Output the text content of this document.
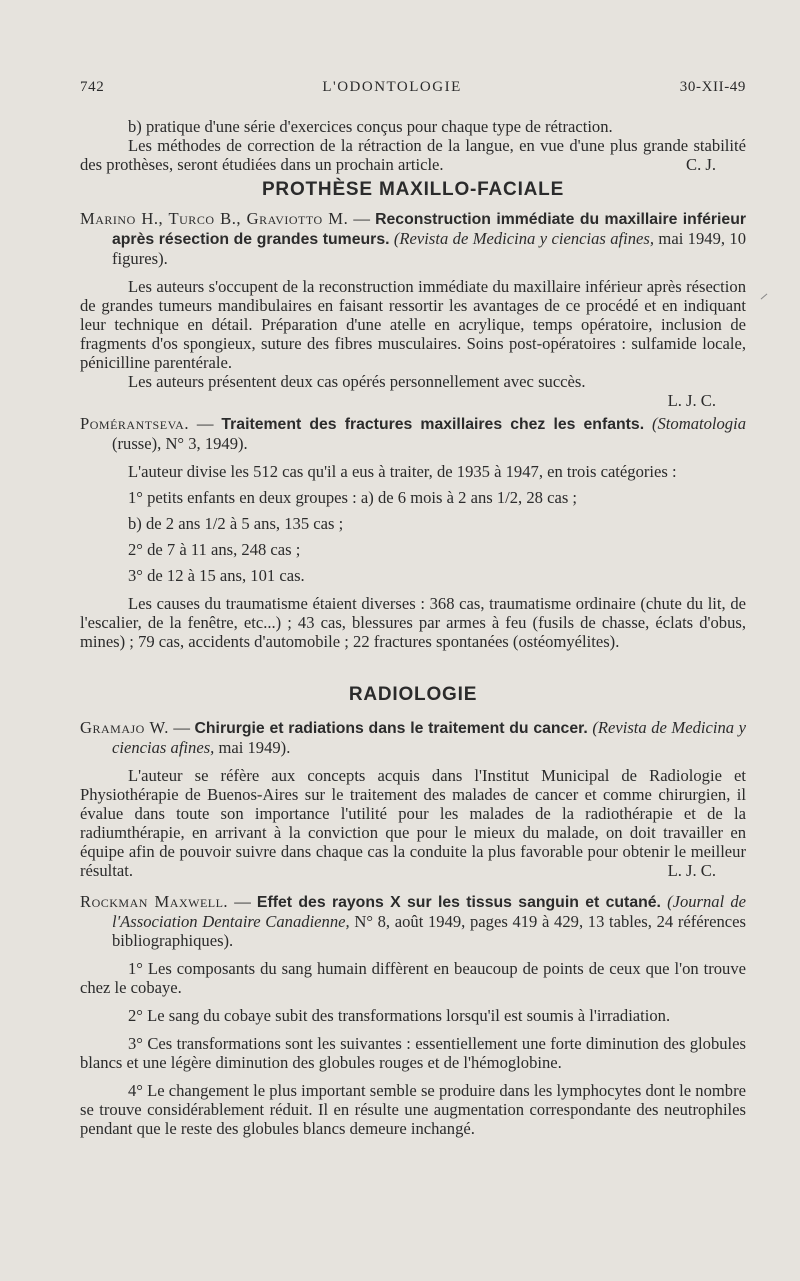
742	L'ODONTOLOGIE	30-XII-49

b) pratique d'une série d'exercices conçus pour chaque type de rétraction.

Les méthodes de correction de la rétraction de la langue, en vue d'une plus grande stabilité des prothèses, seront étudiées dans un prochain article.	C. J.

PROTHÈSE MAXILLO-FACIALE

Marino H., Turco B., Graviotto M. — Reconstruction immédiate du maxillaire inférieur après résection de grandes tumeurs. (Revista de Medicina y ciencias afines, mai 1949, 10 figures).

Les auteurs s'occupent de la reconstruction immédiate du maxillaire inférieur après résection de grandes tumeurs mandibulaires en faisant ressortir les avantages de ce procédé et en indiquant leur technique en détail. Préparation d'une atelle en acrylique, temps opératoire, inclusion de fragments d'os spongieux, suture des fibres musculaires. Soins post-opératoires : sulfamide locale, pénicilline parentérale.

Les auteurs présentent deux cas opérés personnellement avec succès.

L. J. C.

Pomérantseva. — Traitement des fractures maxillaires chez les enfants. (Stomatologia (russe), N° 3, 1949).

L'auteur divise les 512 cas qu'il a eus à traiter, de 1935 à 1947, en trois catégories :

1° petits enfants en deux groupes : a) de 6 mois à 2 ans 1/2, 28 cas ;

b) de 2 ans 1/2 à 5 ans, 135 cas ;

2° de 7 à 11 ans, 248 cas ;

3° de 12 à 15 ans, 101 cas.

Les causes du traumatisme étaient diverses : 368 cas, traumatisme ordinaire (chute du lit, de l'escalier, de la fenêtre, etc...) ; 43 cas, blessures par armes à feu (fusils de chasse, éclats d'obus, mines) ; 79 cas, accidents d'automobile ; 22 fractures spontanées (ostéomyélites).

RADIOLOGIE

Gramajo W. — Chirurgie et radiations dans le traitement du cancer. (Revista de Medicina y ciencias afines, mai 1949).

L'auteur se réfère aux concepts acquis dans l'Institut Municipal de Radiologie et Physiothérapie de Buenos-Aires sur le traitement des malades de cancer et comme chirurgien, il évalue dans toute son importance l'utilité pour les malades de la radiothérapie et de la radiumthérapie, en arrivant à la conviction que pour le mieux du malade, on doit travailler en équipe afin de pouvoir suivre dans chaque cas la conduite la plus favorable pour obtenir le meilleur résultat.	L. J. C.

Rockman Maxwell. — Effet des rayons X sur les tissus sanguin et cutané. (Journal de l'Association Dentaire Canadienne, N° 8, août 1949, pages 419 à 429, 13 tables, 24 références bibliographiques).

1° Les composants du sang humain diffèrent en beaucoup de points de ceux que l'on trouve chez le cobaye.

2° Le sang du cobaye subit des transformations lorsqu'il est soumis à l'irradiation.

3° Ces transformations sont les suivantes : essentiellement une forte diminution des globules blancs et une légère diminution des globules rouges et de l'hémoglobine.

4° Le changement le plus important semble se produire dans les lymphocytes dont le nombre se trouve considérablement réduit. Il en résulte une augmentation correspondante des neutrophiles pendant que le reste des globules blancs demeure inchangé.
